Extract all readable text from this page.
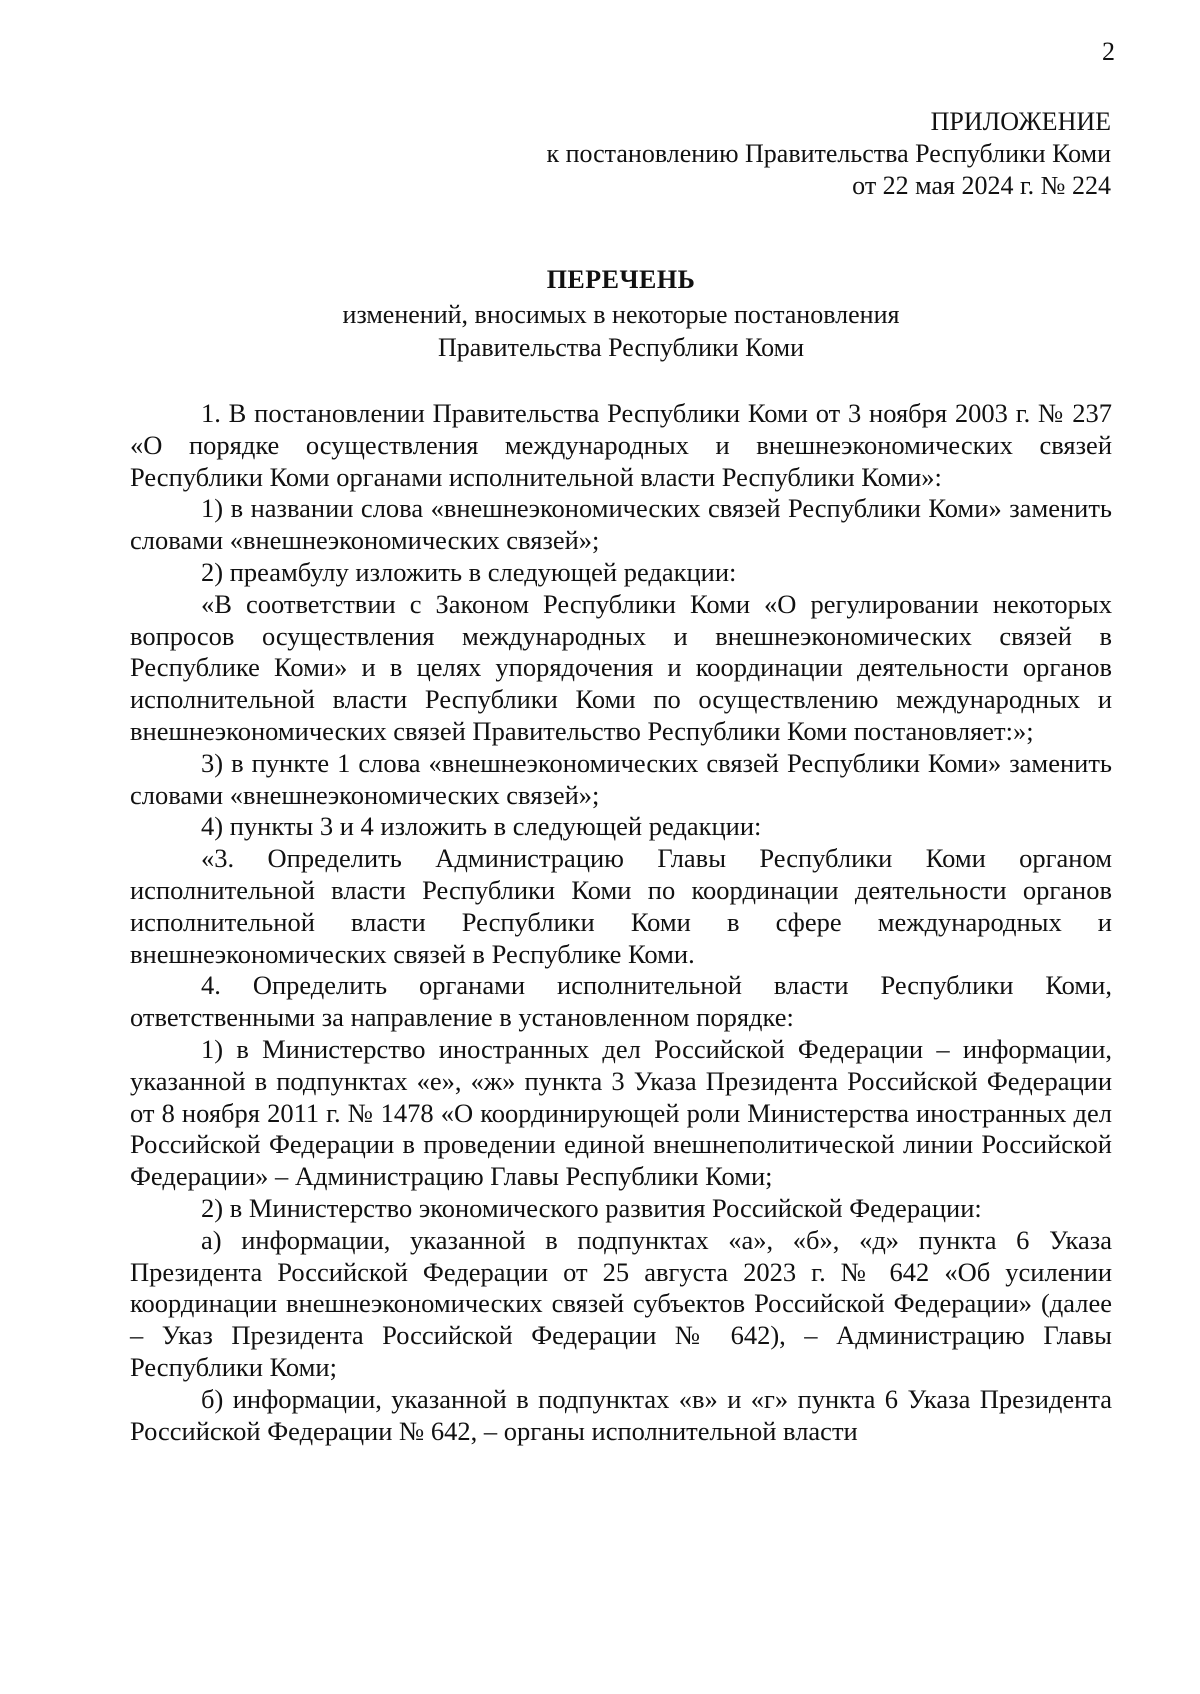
2
ПРИЛОЖЕНИЕ
к постановлению Правительства Республики Коми
от 22 мая 2024 г. № 224
ПЕРЕЧЕНЬ
изменений, вносимых в некоторые постановления
Правительства Республики Коми

1. В постановлении Правительства Республики Коми от 3 ноября 2003 г. № 237 «О порядке осуществления международных и внешнеэкономических связей Республики Коми органами исполнительной власти Республики Коми»:

1) в названии слова «внешнеэкономических связей Республики Коми» заменить словами «внешнеэкономических связей»;

2) преамбулу изложить в следующей редакции:

«В соответствии с Законом Республики Коми «О регулировании некоторых вопросов осуществления международных и внешнеэкономических связей в Республике Коми» и в целях упорядочения и координации деятельности органов исполнительной власти Республики Коми по осуществлению международных и внешнеэкономических связей Правительство Республики Коми постановляет:»;

3) в пункте 1 слова «внешнеэкономических связей Республики Коми» заменить словами «внешнеэкономических связей»;

4) пункты 3 и 4 изложить в следующей редакции:

«3. Определить Администрацию Главы Республики Коми органом исполнительной власти Республики Коми по координации деятельности органов исполнительной власти Республики Коми в сфере международных и внешнеэкономических связей в Республике Коми.

4. Определить органами исполнительной власти Республики Коми, ответственными за направление в установленном порядке:

1) в Министерство иностранных дел Российской Федерации – информации, указанной в подпунктах «е», «ж» пункта 3 Указа Президента Российской Федерации от 8 ноября 2011 г. № 1478 «О координирующей роли Министерства иностранных дел Российской Федерации в проведении единой внешнеполитической линии Российской Федерации» – Администрацию Главы Республики Коми;

2) в Министерство экономического развития Российской Федерации:

а) информации, указанной в подпунктах «а», «б», «д» пункта 6 Указа Президента Российской Федерации от 25 августа 2023 г. № 642 «Об усилении координации внешнеэкономических связей субъектов Российской Федерации» (далее – Указ Президента Российской Федерации № 642), – Администрацию Главы Республики Коми;

б) информации, указанной в подпунктах «в» и «г» пункта 6 Указа Президента Российской Федерации № 642, – органы исполнительной власти
